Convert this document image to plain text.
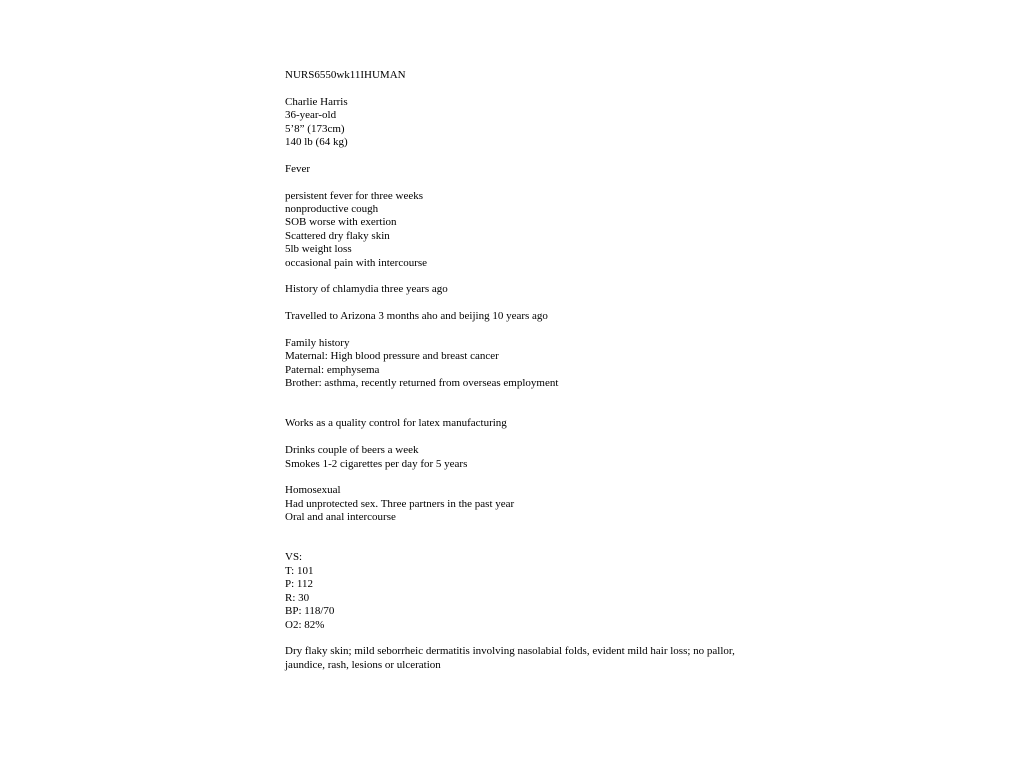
NURS6550wk11IHUMAN
Charlie Harris
36-year-old
5’8” (173cm)
140 lb (64 kg)
Fever
persistent fever for three weeks
nonproductive cough
SOB worse with exertion
Scattered dry flaky skin
5lb weight loss
occasional pain with intercourse
History of chlamydia three years ago
Travelled to Arizona 3 months aho and beijing 10 years ago
Family history
Maternal: High blood pressure and breast cancer
Paternal: emphysema
Brother: asthma, recently returned from overseas employment
Works as a quality control for latex manufacturing
Drinks couple of beers a week
Smokes 1-2 cigarettes per day for 5 years
Homosexual
Had unprotected sex. Three partners in the past year
Oral and anal intercourse
VS:
T: 101
P: 112
R: 30
BP: 118/70
O2: 82%
Dry flaky skin; mild seborrheic dermatitis involving nasolabial folds, evident mild hair loss; no pallor, jaundice, rash, lesions or ulceration
